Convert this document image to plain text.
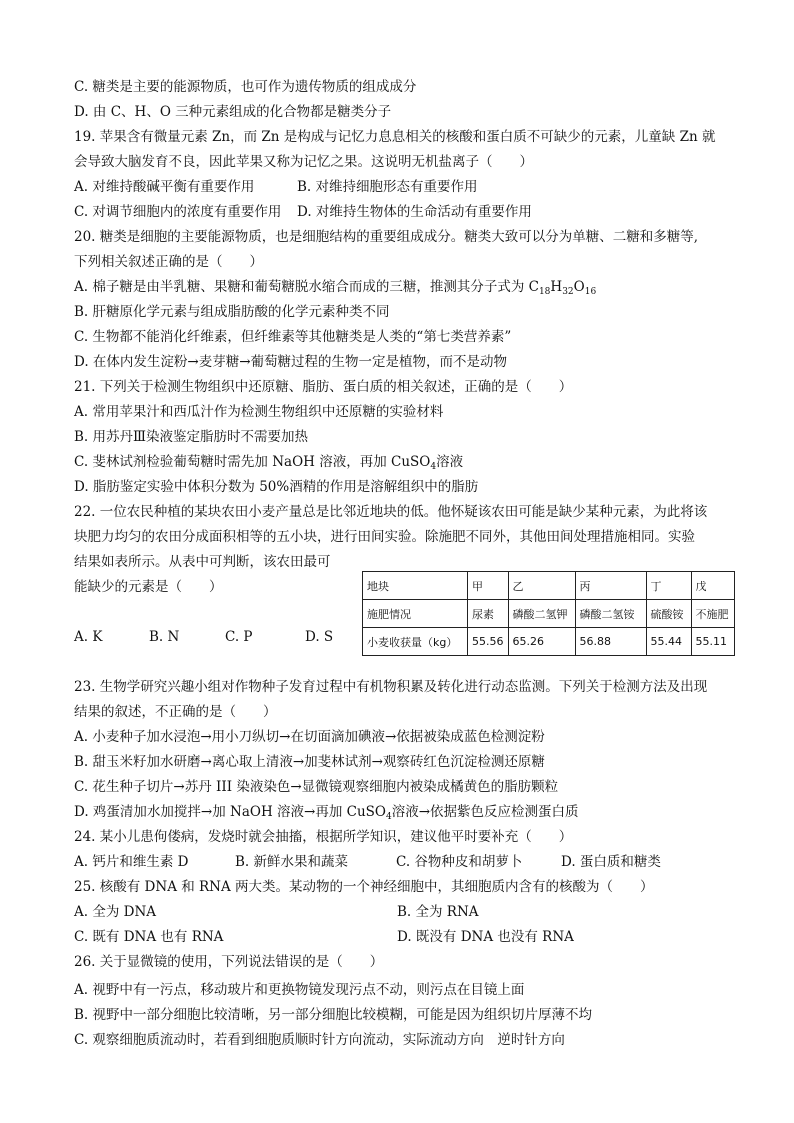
C. 糖类是主要的能源物质，也可作为遗传物质的组成成分
D. 由 C、H、O 三种元素组成的化合物都是糖类分子
19. 苹果含有微量元素 Zn，而 Zn 是构成与记忆力息息相关的核酸和蛋白质不可缺少的元素，儿童缺 Zn 就
会导致大脑发育不良，因此苹果又称为记忆之果。这说明无机盐离子（　　）
A. 对维持酸碱平衡有重要作用	B. 对维持细胞形态有重要作用
C. 对调节细胞内的浓度有重要作用 D. 对维持生物体的生命活动有重要作用
20. 糖类是细胞的主要能源物质，也是细胞结构的重要组成成分。糖类大致可以分为单糖、二糖和多糖等,
下列相关叙述正确的是（　　）
A. 棉子糖是由半乳糖、果糖和葡萄糖脱水缩合而成的三糖，推测其分子式为 $C_{18}H_{32}O_{16}$
B. 肝糖原化学元素与组成脂肪酸的化学元素种类不同
C. 生物都不能消化纤维素，但纤维素等其他糖类是人类的“第七类营养素”
D. 在体内发生淀粉→麦芽糖→葡萄糖过程的生物一定是植物，而不是动物
21. 下列关于检测生物组织中还原糖、脂肪、蛋白质的相关叙述，正确的是（　　）
A. 常用苹果汁和西瓜汁作为检测生物组织中还原糖的实验材料
B. 用苏丹Ⅲ染液鉴定脂肪时不需要加热
C. 斐林试剂检验葡萄糖时需先加 NaOH 溶液，再加 CuSO$_4$溶液
D. 脂肪鉴定实验中体积分数为 50%酒精的作用是溶解组织中的脂肪
22. 一位农民种植的某块农田小麦产量总是比邻近地块的低。他怀疑该农田可能是缺少某种元素，为此将该
块肥力均匀的农田分成面积相等的五小块，进行田间实验。除施肥不同外，其他田间处理措施相同。实验
结果如表所示。从表中可判断，该农田最可
能缺少的元素是（　　）
A. K	B. N	C. P	D. S
地块	甲	乙	丙	丁	戊
施肥情况	尿素	磷酸二氢钾	磷酸二氢铵	硫酸铵	不施肥
小麦收获量（kg）	55.56	65.26	56.88	55.44	55.11
23. 生物学研究兴趣小组对作物种子发育过程中有机物积累及转化进行动态监测。下列关于检测方法及出现
结果的叙述，不正确的是（　　）
A. 小麦种子加水浸泡→用小刀纵切→在切面滴加碘液→依据被染成蓝色检测淀粉
B. 甜玉米籽加水研磨→离心取上清液→加斐林试剂→观察砖红色沉淀检测还原糖
C. 花生种子切片→苏丹 III 染液染色→显微镜观察细胞内被染成橘黄色的脂肪颗粒
D. 鸡蛋清加水加搅拌→加 NaOH 溶液→再加 CuSO$_4$溶液→依据紫色反应检测蛋白质
24. 某小儿患佝偻病，发烧时就会抽搐，根据所学知识，建议他平时要补充（　　）
A. 钙片和维生素 D	B. 新鲜水果和蔬菜	C. 谷物种皮和胡萝卜	D. 蛋白质和糖类
25. 核酸有 DNA 和 RNA 两大类。某动物的一个神经细胞中，其细胞质内含有的核酸为（　　）
A. 全为 DNA	B. 全为 RNA
C. 既有 DNA 也有 RNA	D. 既没有 DNA 也没有 RNA
26. 关于显微镜的使用，下列说法错误的是（　　）
A. 视野中有一污点，移动玻片和更换物镜发现污点不动，则污点在目镜上面
B. 视野中一部分细胞比较清晰，另一部分细胞比较模糊，可能是因为组织切片厚薄不均
C. 观察细胞质流动时，若看到细胞质顺时针方向流动，实际流动方向　逆时针方向
